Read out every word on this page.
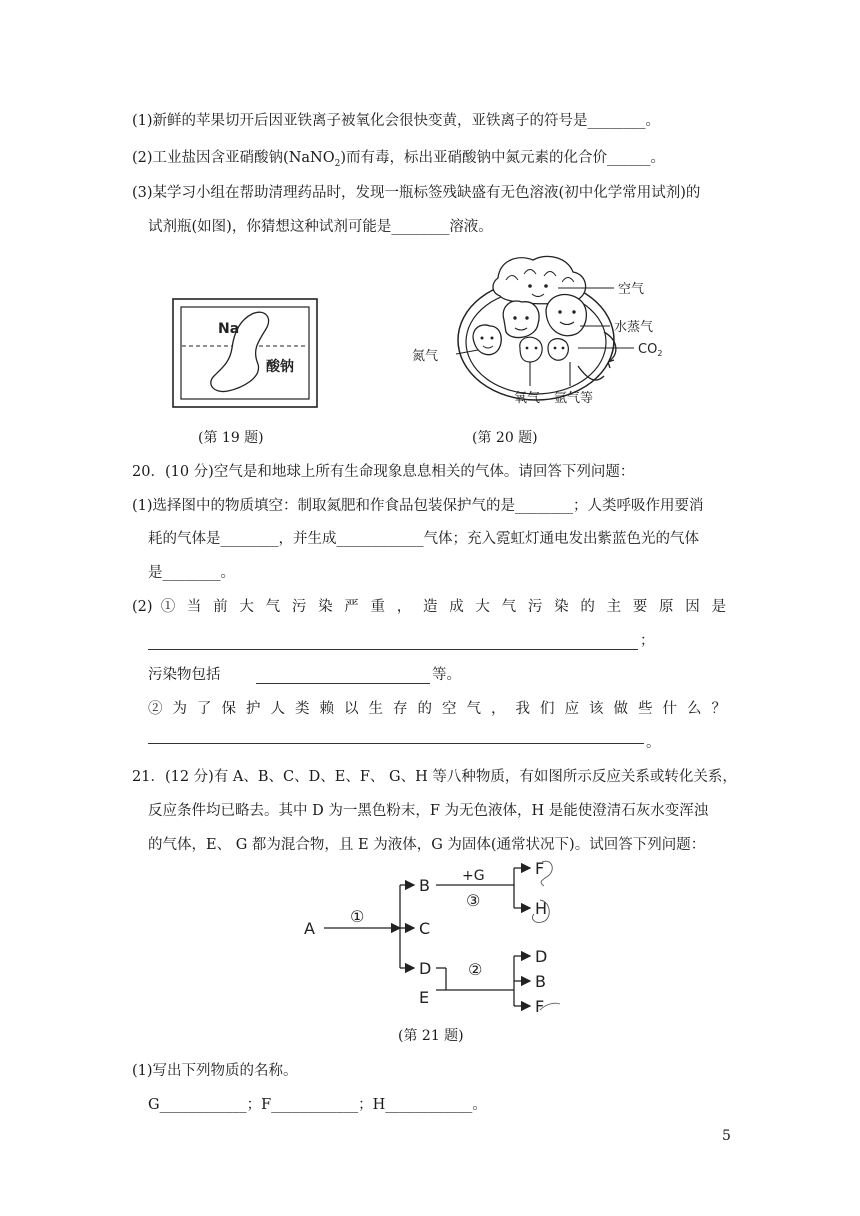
(1)新鲜的苹果切开后因亚铁离子被氧化会很快变黄，亚铁离子的符号是________。
(2)工业盐因含亚硝酸钠(NaNO$_2$)而有毒，标出亚硝酸钠中氮元素的化合价______。
(3)某学习小组在帮助清理药品时，发现一瓶标签残缺盛有无色溶液(初中化学常用试剂)的
试剂瓶(如图)，你猜想这种试剂可能是________溶液。
Na
酸钠
(第 19 题)
空气
水蒸气
$CO_2$
氮气
氧气 氩气等
(第 20 题)
20．(10 分)空气是和地球上所有生命现象息息相关的气体。请回答下列问题：
(1)选择图中的物质填空：制取氮肥和作食品包装保护气的是________；人类呼吸作用要消
耗的气体是________，并生成____________气体；充入霓虹灯通电发出紫蓝色光的气体
是________。
(2) ① 当 前 大 气 污 染 严 重 ， 造 成 大 气 污 染 的 主 要 原 因 是
；
污染物包括	等。
② 为 了 保 护 人 类 赖 以 生 存 的 空 气 ， 我 们 应 该 做 些 什 么 ？
。
21．(12 分)有 A、B、C、D、E、F、 G、H 等八种物质，有如图所示反应关系或转化关系，
反应条件均已略去。其中 D 为一黑色粉末，F 为无色液体，H 是能使澄清石灰水变浑浊
的气体，E、 G 都为混合物，且 E 为液体，G 为固体(通常状况下)。试回答下列问题：
A
B
C
D
E
F
H
D
B
F
+G
①
③
②
(第 21 题)
(1)写出下列物质的名称。
G____________；F____________；H____________。
5
